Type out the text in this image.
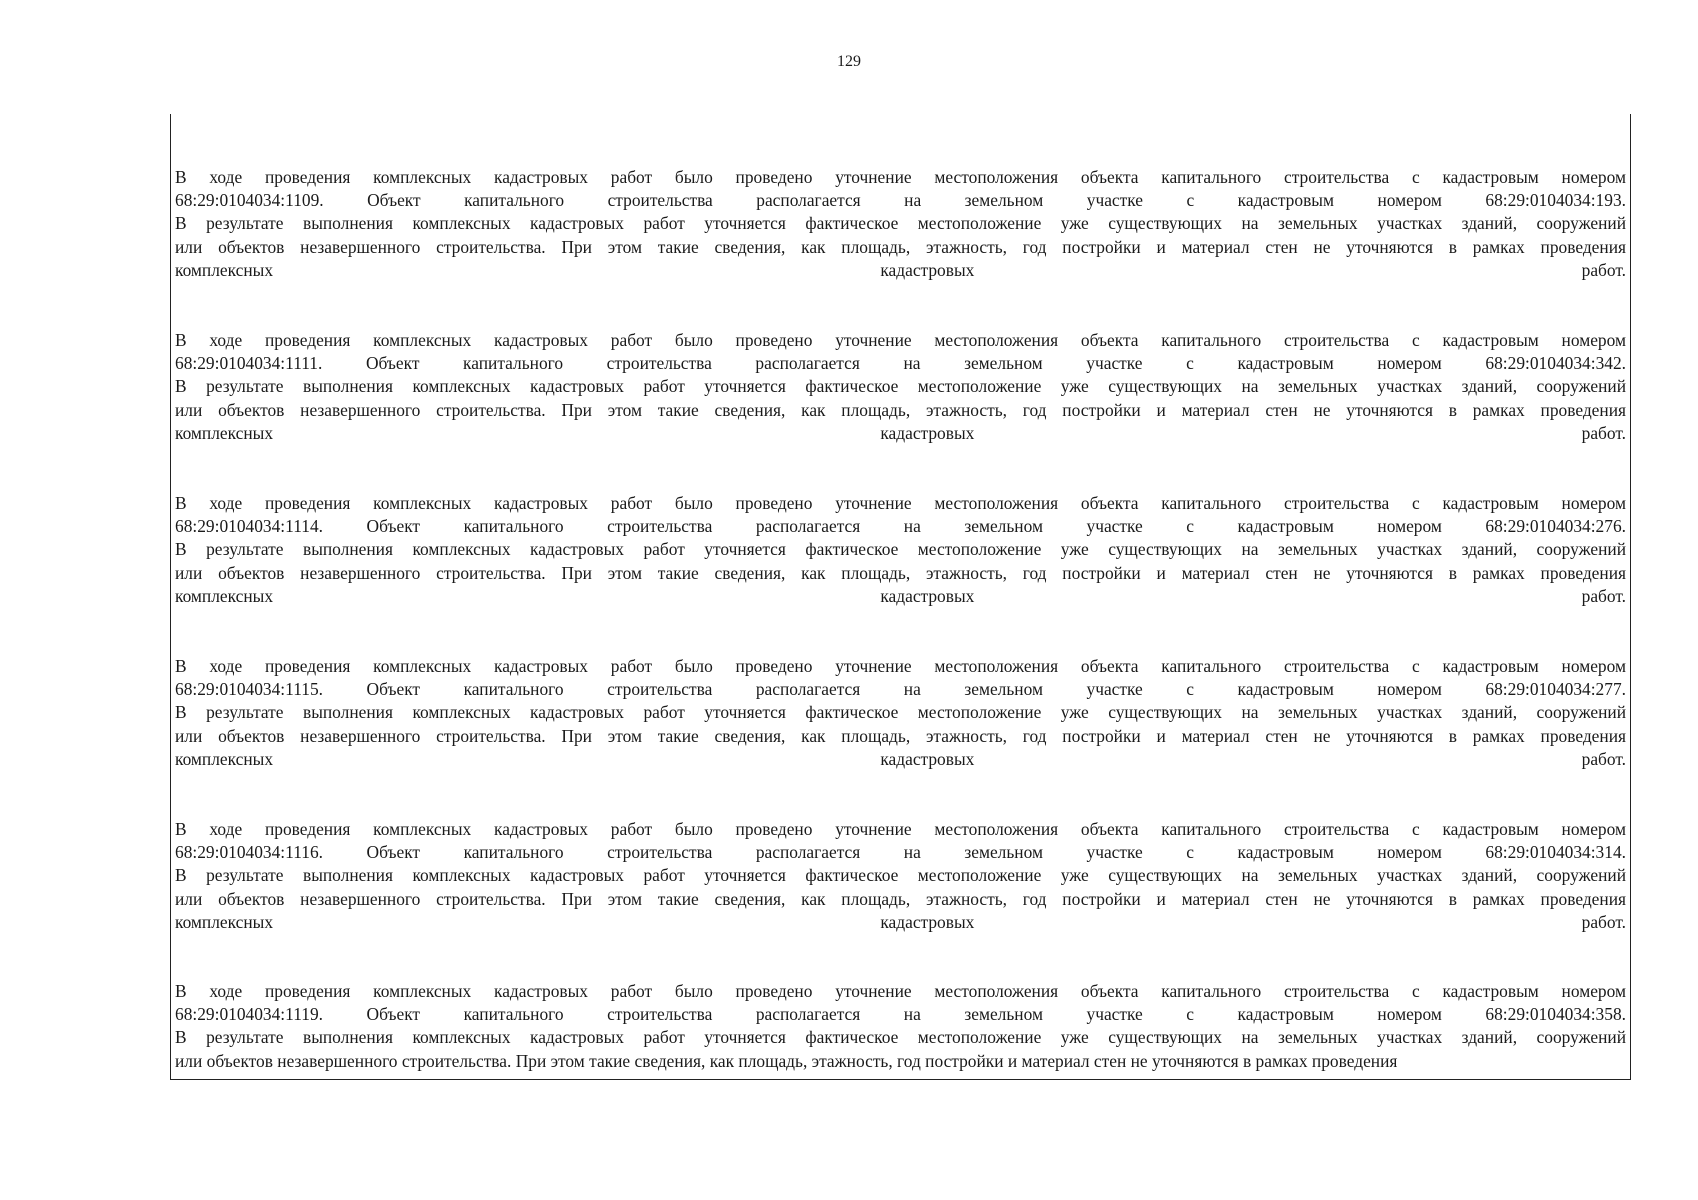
129
В ходе проведения комплексных кадастровых работ было проведено уточнение местоположения объекта капитального строительства с кадастровым номером
68:29:0104034:1109. Объект капитального строительства располагается на земельном участке с кадастровым номером 68:29:0104034:193.
В результате выполнения комплексных кадастровых работ уточняется фактическое местоположение уже существующих на земельных участках зданий, сооружений
или объектов незавершенного строительства. При этом такие сведения, как площадь, этажность, год постройки и материал стен не уточняются в рамках проведения
комплексных кадастровых работ.
В ходе проведения комплексных кадастровых работ было проведено уточнение местоположения объекта капитального строительства с кадастровым номером
68:29:0104034:1111. Объект капитального строительства располагается на земельном участке с кадастровым номером 68:29:0104034:342.
В результате выполнения комплексных кадастровых работ уточняется фактическое местоположение уже существующих на земельных участках зданий, сооружений
или объектов незавершенного строительства. При этом такие сведения, как площадь, этажность, год постройки и материал стен не уточняются в рамках проведения
комплексных кадастровых работ.
В ходе проведения комплексных кадастровых работ было проведено уточнение местоположения объекта капитального строительства с кадастровым номером
68:29:0104034:1114. Объект капитального строительства располагается на земельном участке с кадастровым номером 68:29:0104034:276.
В результате выполнения комплексных кадастровых работ уточняется фактическое местоположение уже существующих на земельных участках зданий, сооружений
или объектов незавершенного строительства. При этом такие сведения, как площадь, этажность, год постройки и материал стен не уточняются в рамках проведения
комплексных кадастровых работ.
В ходе проведения комплексных кадастровых работ было проведено уточнение местоположения объекта капитального строительства с кадастровым номером
68:29:0104034:1115. Объект капитального строительства располагается на земельном участке с кадастровым номером 68:29:0104034:277.
В результате выполнения комплексных кадастровых работ уточняется фактическое местоположение уже существующих на земельных участках зданий, сооружений
или объектов незавершенного строительства. При этом такие сведения, как площадь, этажность, год постройки и материал стен не уточняются в рамках проведения
комплексных кадастровых работ.
В ходе проведения комплексных кадастровых работ было проведено уточнение местоположения объекта капитального строительства с кадастровым номером
68:29:0104034:1116. Объект капитального строительства располагается на земельном участке с кадастровым номером 68:29:0104034:314.
В результате выполнения комплексных кадастровых работ уточняется фактическое местоположение уже существующих на земельных участках зданий, сооружений
или объектов незавершенного строительства. При этом такие сведения, как площадь, этажность, год постройки и материал стен не уточняются в рамках проведения
комплексных кадастровых работ.
В ходе проведения комплексных кадастровых работ было проведено уточнение местоположения объекта капитального строительства с кадастровым номером
68:29:0104034:1119. Объект капитального строительства располагается на земельном участке с кадастровым номером 68:29:0104034:358.
В результате выполнения комплексных кадастровых работ уточняется фактическое местоположение уже существующих на земельных участках зданий, сооружений
или объектов незавершенного строительства. При этом такие сведения, как площадь, этажность, год постройки и материал стен не уточняются в рамках проведения
